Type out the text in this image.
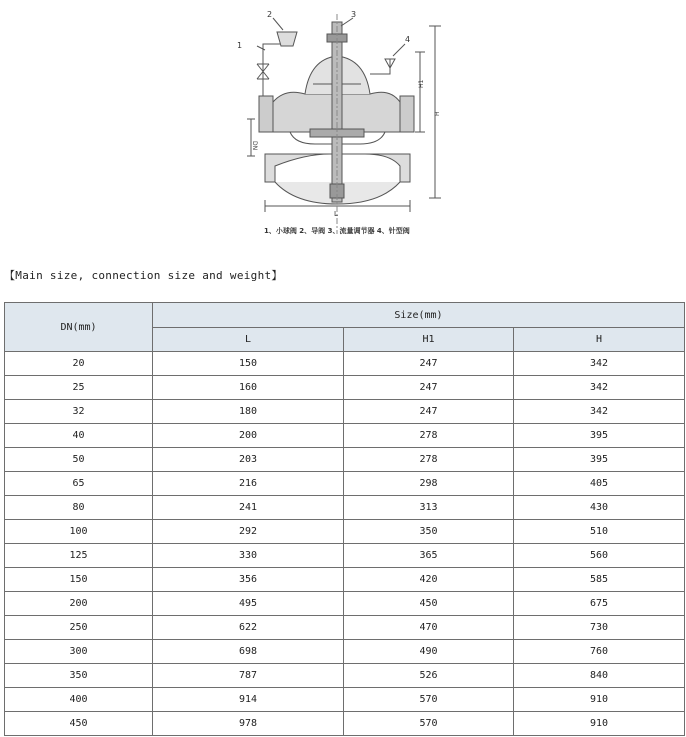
1
2	3
4
DN
L
H1
H
1、小球阀 2、导阀 3、流量调节器 4、针型阀
【Main size, connection size and weight】
DN(mm)	Size(mm)		
	L	H1	H
20	150	247	342
25	160	247	342
32	180	247	342
40	200	278	395
50	203	278	395
65	216	298	405
80	241	313	430
100	292	350	510
125	330	365	560
150	356	420	585
200	495	450	675
250	622	470	730
300	698	490	760
350	787	526	840
400	914	570	910
450	978	570	910
